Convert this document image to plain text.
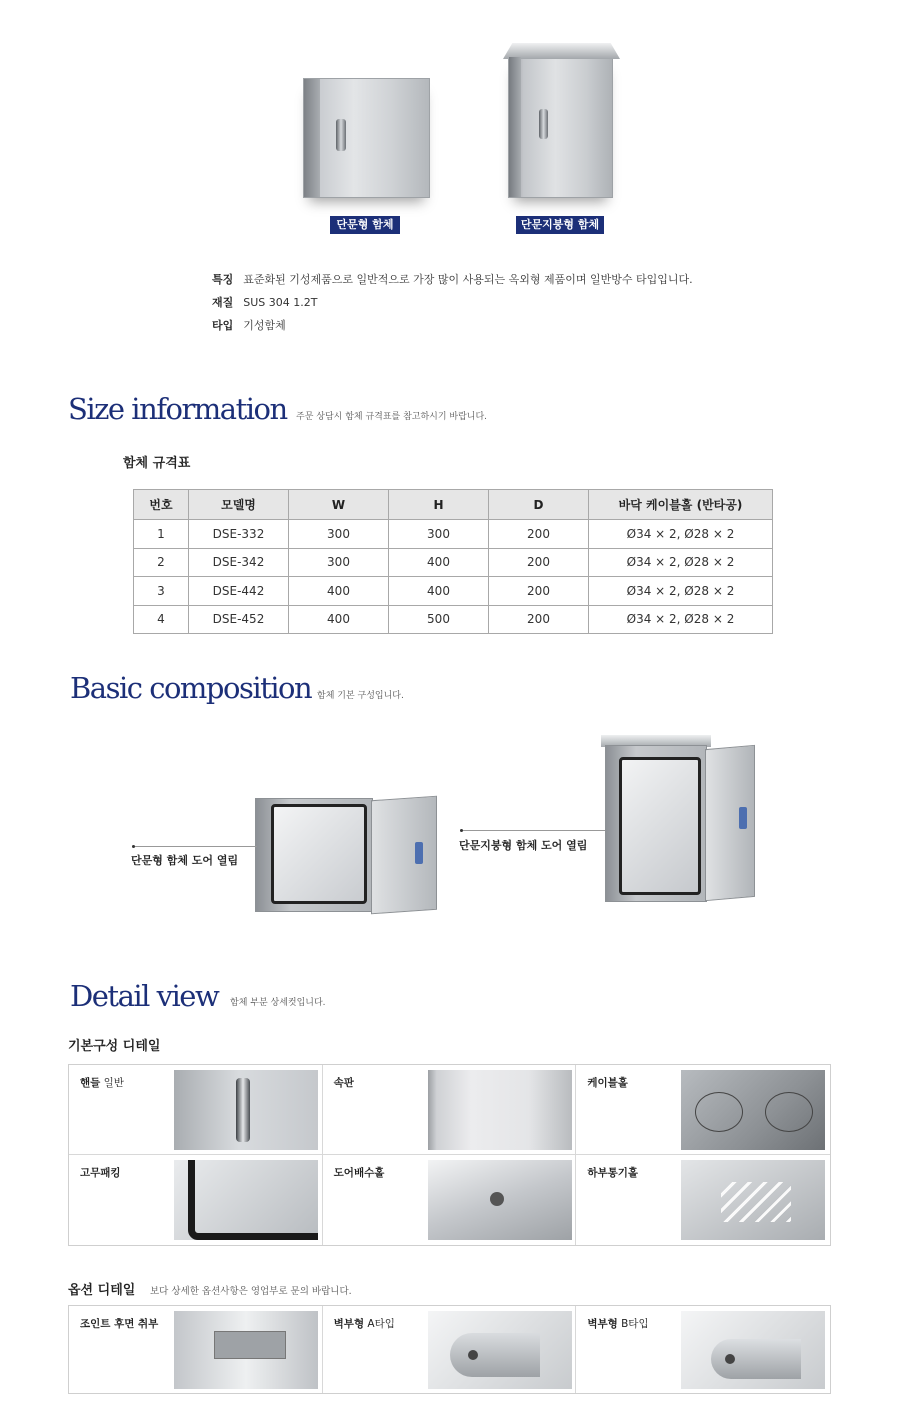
단문형 함체	단문지붕형 함체
특징 표준화된 기성제품으로 일반적으로 가장 많이 사용되는 옥외형 제품이며 일반방수 타입입니다.
재질 SUS 304 1.2T
타입 기성함체
Size information 주문 상담시 함체 규격표를 참고하시기 바랍니다.
함체 규격표
번호	모델명	W	H	D	바닥 케이블홀 (반타공)
1	DSE-332	300	300	200	Ø34 × 2, Ø28 × 2
2	DSE-342	300	400	200	Ø34 × 2, Ø28 × 2
3	DSE-442	400	400	200	Ø34 × 2, Ø28 × 2
4	DSE-452	400	500	200	Ø34 × 2, Ø28 × 2
Basic composition 함체 기본 구성입니다.
단문형 함체 도어 열림
단문지붕형 함체 도어 열림
Detail view 함체 부분 상세컷입니다.
기본구성 디테일
핸들 일반	속판	케이블홀
고무패킹	도어배수홀	하부통기홀
옵션 디테일 보다 상세한 옵션사항은 영업부로 문의 바랍니다.
조인트 후면 취부	벽부형 A타입	벽부형 B타입
